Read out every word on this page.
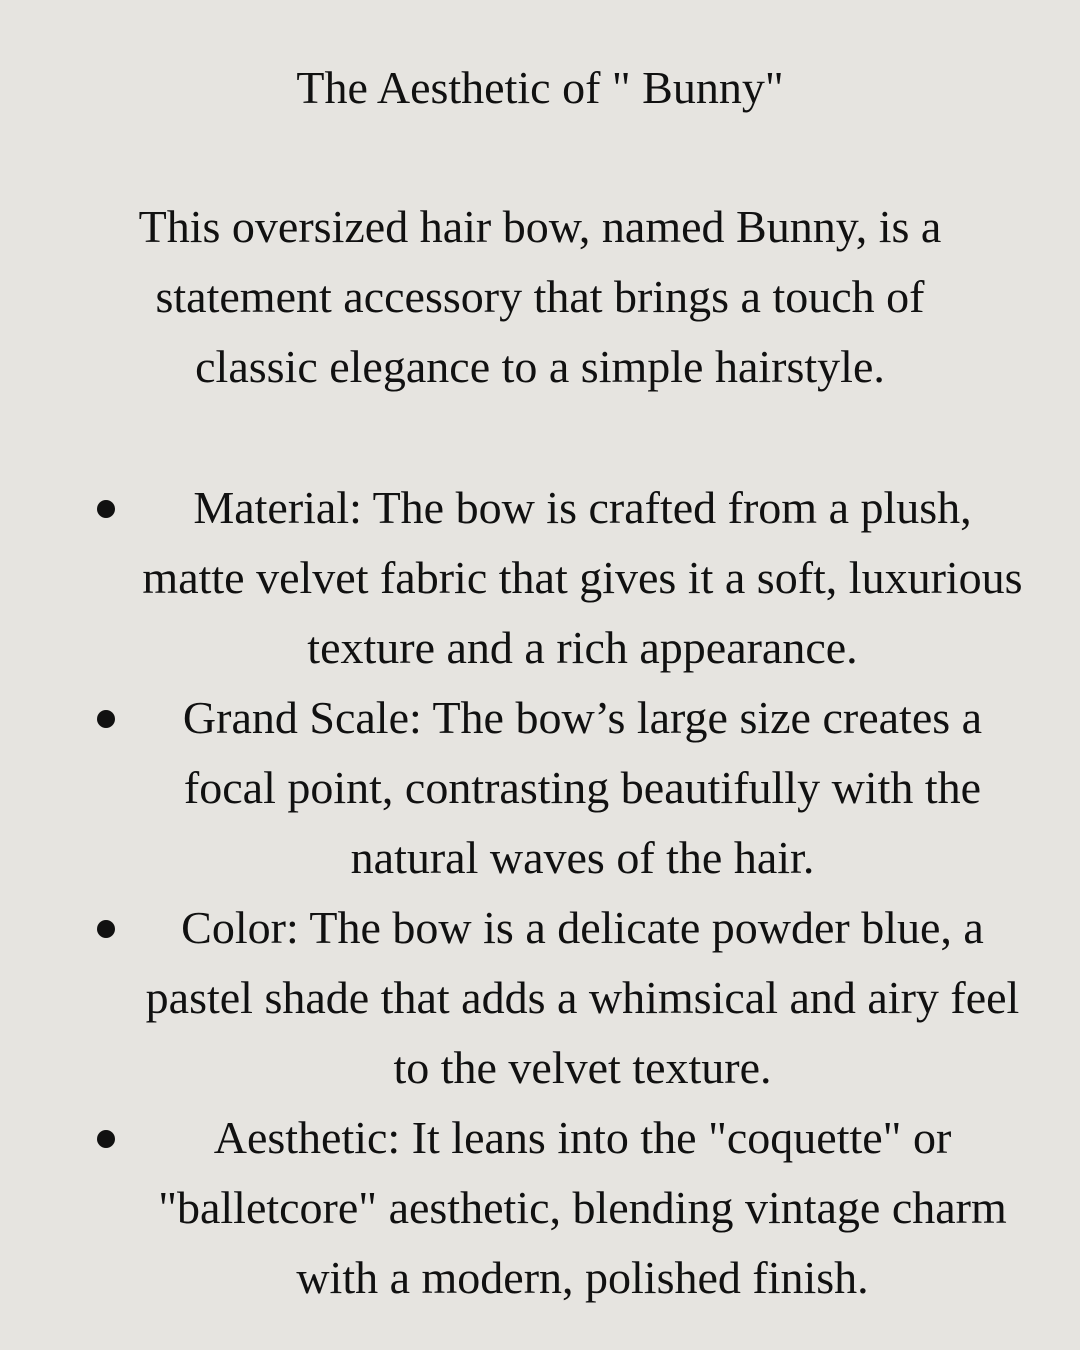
The Aesthetic of " Bunny"

This oversized hair bow, named Bunny, is a statement accessory that brings a touch of classic elegance to a simple hairstyle.

Material: The bow is crafted from a plush, matte velvet fabric that gives it a soft, luxurious texture and a rich appearance.
Grand Scale: The bow’s large size creates a focal point, contrasting beautifully with the natural waves of the hair.
Color: The bow is a delicate powder blue, a pastel shade that adds a whimsical and airy feel to the velvet texture.
Aesthetic: It leans into the "coquette" or "balletcore" aesthetic, blending vintage charm with a modern, polished finish.
